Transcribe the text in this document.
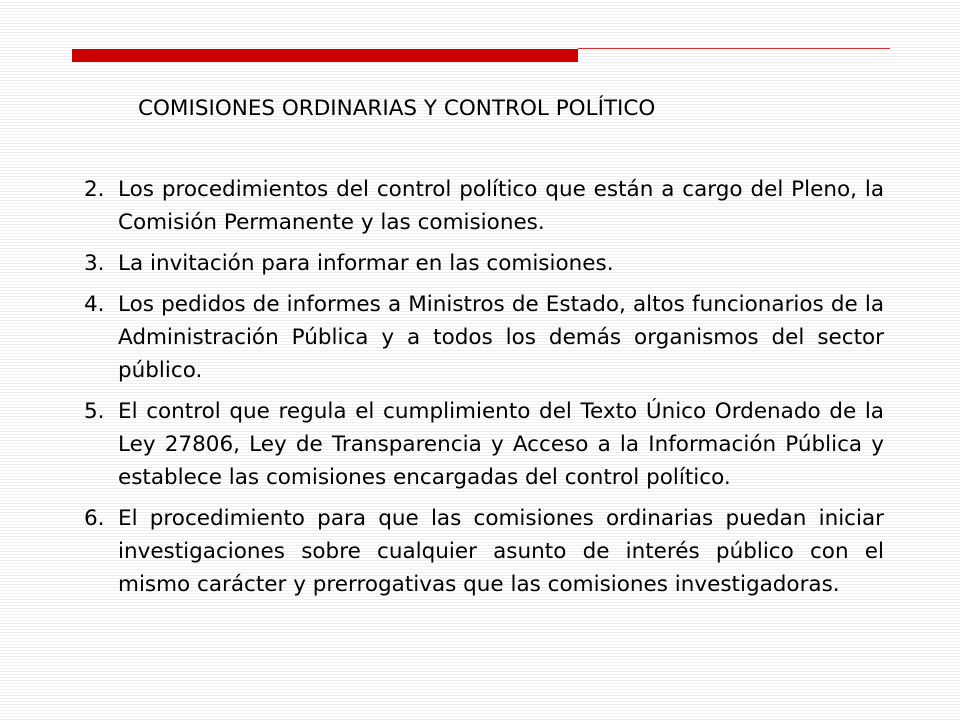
COMISIONES ORDINARIAS Y CONTROL POLÍTICO
2. Los procedimientos del control político que están a cargo del Pleno, la Comisión Permanente y las comisiones.
3. La invitación para informar en las comisiones.
4. Los pedidos de informes a Ministros de Estado, altos funcionarios de la Administración Pública y a todos los demás organismos del sector público.
5. El control que regula el cumplimiento del Texto Único Ordenado de la Ley 27806, Ley de Transparencia y Acceso a la Información Pública y establece las comisiones encargadas del control político.
6. El procedimiento para que las comisiones ordinarias puedan iniciar investigaciones sobre cualquier asunto de interés público con el mismo carácter y prerrogativas que las comisiones investigadoras.
